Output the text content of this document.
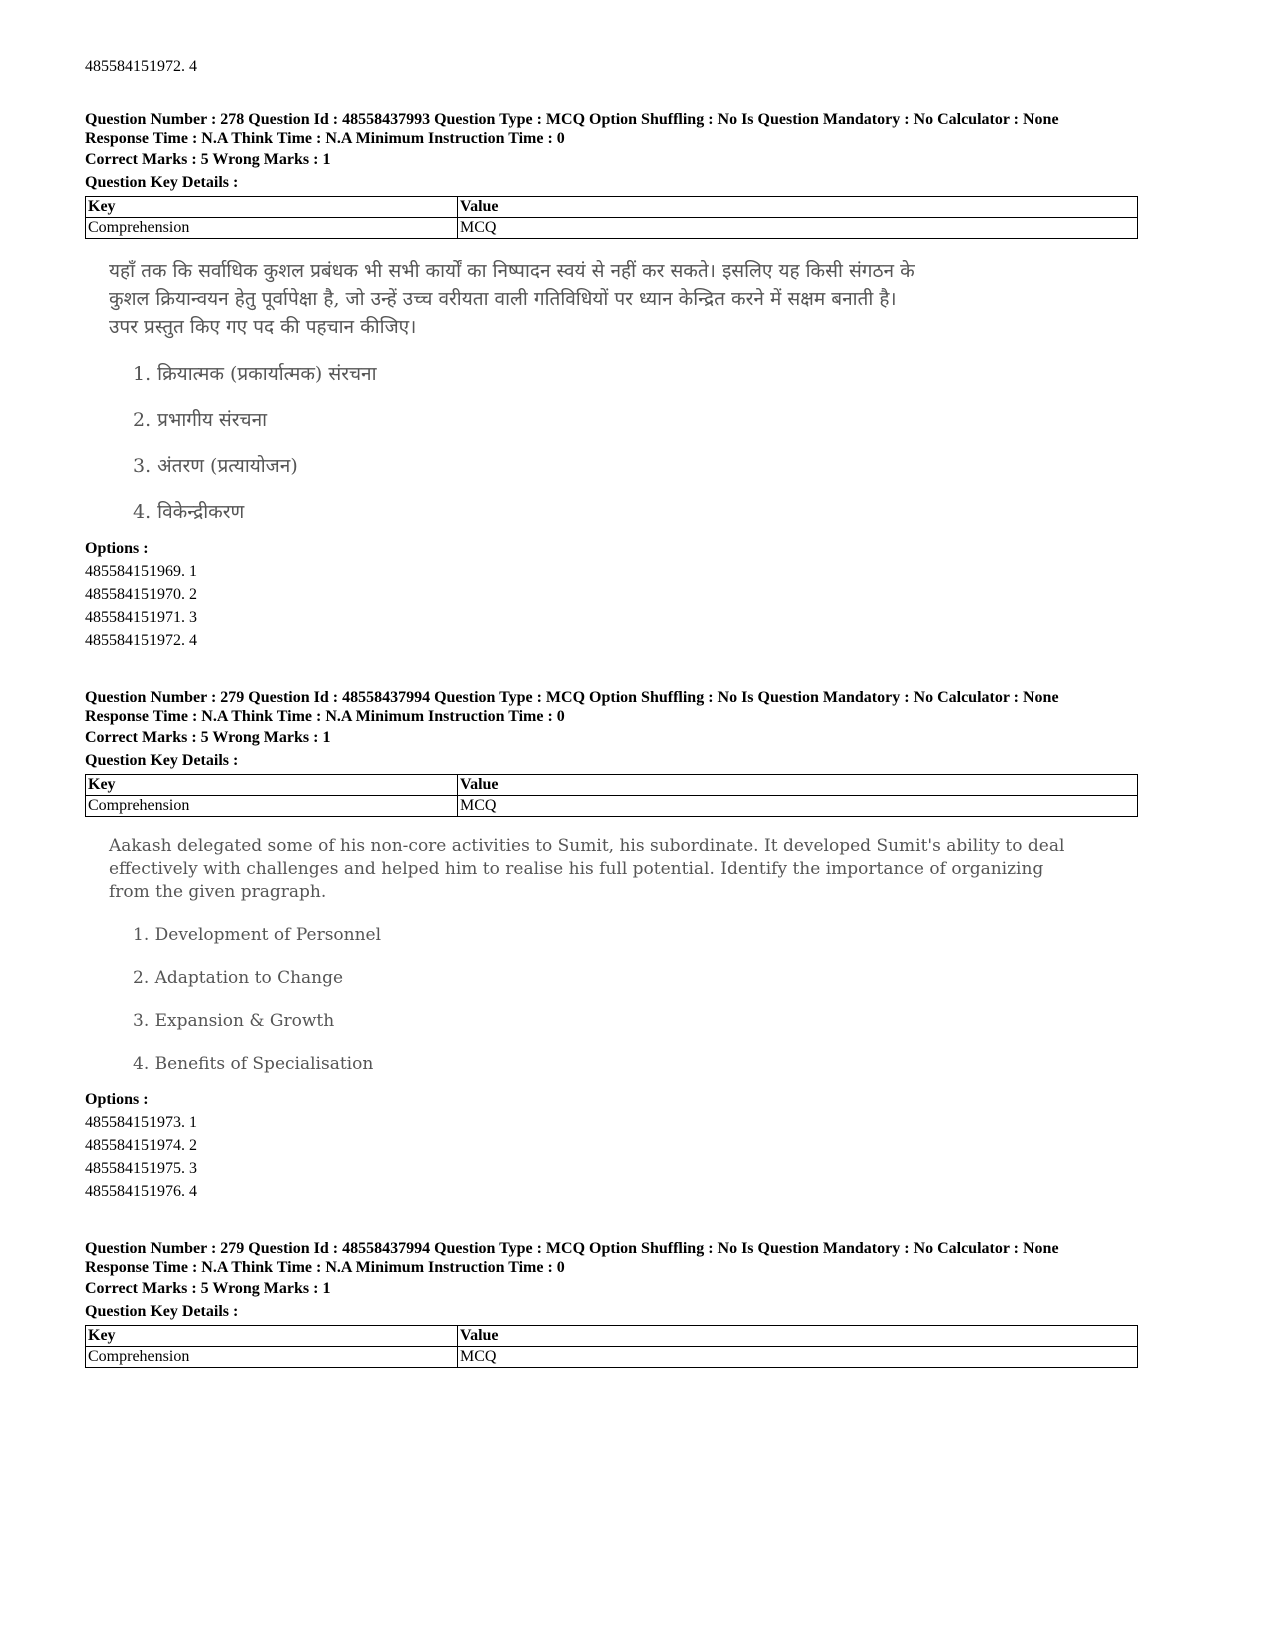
485584151972. 4

Question Number : 278 Question Id : 48558437993 Question Type : MCQ Option Shuffling : No Is Question Mandatory : No Calculator : None

Response Time : N.A Think Time : N.A Minimum Instruction Time : 0

Correct Marks : 5 Wrong Marks : 1

Question Key Details :

Key	Value
Comprehension	MCQ
यहाँ तक कि सर्वाधिक कुशल प्रबंधक भी सभी कार्यों का निष्पादन स्वयं से नहीं कर सकते। इसलिए यह किसी संगठन के
कुशल क्रियान्वयन हेतु पूर्वापेक्षा है, जो उन्हें उच्च वरीयता वाली गतिविधियों पर ध्यान केन्द्रित करने में सक्षम बनाती है।
उपर प्रस्तुत किए गए पद की पहचान कीजिए।
1. क्रियात्मक (प्रकार्यात्मक) संरचना
2. प्रभागीय संरचना
3. अंतरण (प्रत्यायोजन)
4. विकेन्द्रीकरण

Options :

485584151969. 1

485584151970. 2

485584151971. 3

485584151972. 4

Question Number : 279 Question Id : 48558437994 Question Type : MCQ Option Shuffling : No Is Question Mandatory : No Calculator : None

Response Time : N.A Think Time : N.A Minimum Instruction Time : 0

Correct Marks : 5 Wrong Marks : 1

Question Key Details :

Key	Value
Comprehension	MCQ
Aakash delegated some of his non-core activities to Sumit, his subordinate. It developed Sumit's ability to deal
effectively with challenges and helped him to realise his full potential. Identify the importance of organizing
from the given pragraph.
1. Development of Personnel
2. Adaptation to Change
3. Expansion & Growth
4. Benefits of Specialisation

Options :

485584151973. 1

485584151974. 2

485584151975. 3

485584151976. 4

Question Number : 279 Question Id : 48558437994 Question Type : MCQ Option Shuffling : No Is Question Mandatory : No Calculator : None

Response Time : N.A Think Time : N.A Minimum Instruction Time : 0

Correct Marks : 5 Wrong Marks : 1

Question Key Details :

Key	Value
Comprehension	MCQ
